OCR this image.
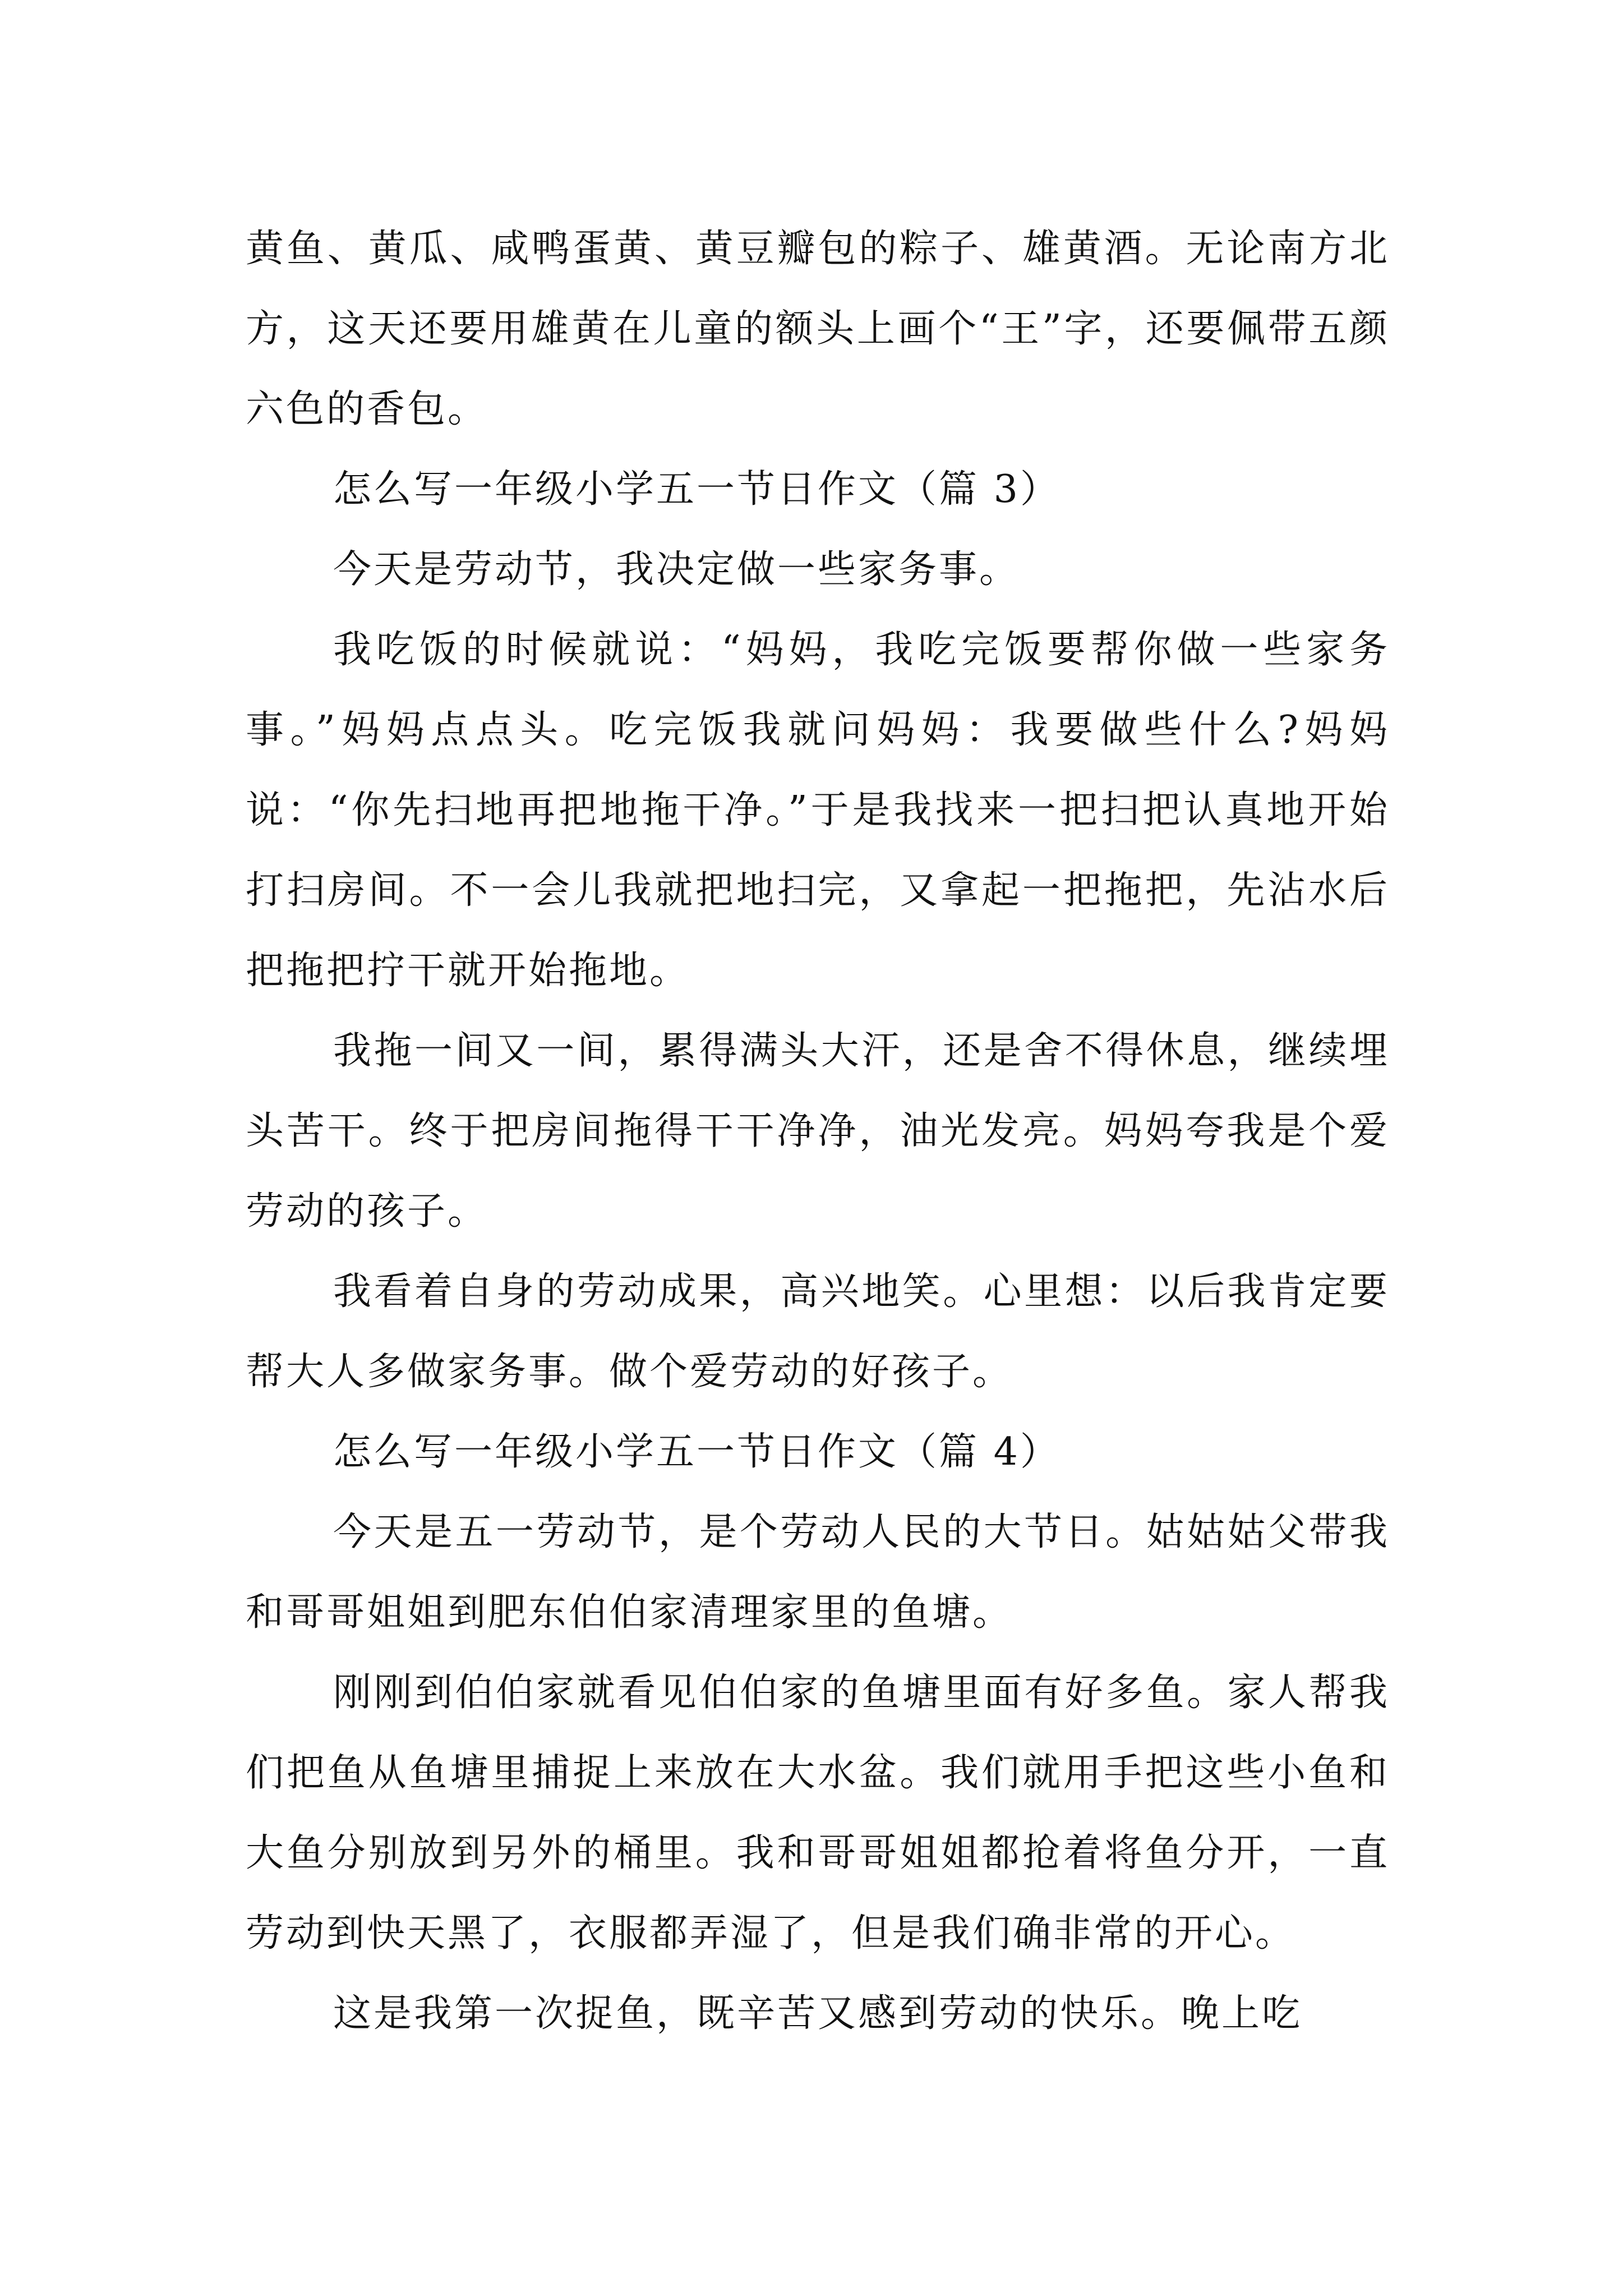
黄鱼、黄瓜、咸鸭蛋黄、黄豆瓣包的粽子、雄黄酒。无论南方北方，这天还要用雄黄在儿童的额头上画个“王”字，还要佩带五颜六色的香包。

怎么写一年级小学五一节日作文（篇 3）

今天是劳动节，我决定做一些家务事。

我吃饭的时候就说：“妈妈，我吃完饭要帮你做一些家务事。”妈妈点点头。吃完饭我就问妈妈：我要做些什么?妈妈说：“你先扫地再把地拖干净。”于是我找来一把扫把认真地开始打扫房间。不一会儿我就把地扫完，又拿起一把拖把，先沾水后把拖把拧干就开始拖地。

我拖一间又一间，累得满头大汗，还是舍不得休息，继续埋头苦干。终于把房间拖得干干净净，油光发亮。妈妈夸我是个爱劳动的孩子。

我看着自身的劳动成果，高兴地笑。心里想：以后我肯定要帮大人多做家务事。做个爱劳动的好孩子。

怎么写一年级小学五一节日作文（篇 4）

今天是五一劳动节，是个劳动人民的大节日。姑姑姑父带我和哥哥姐姐到肥东伯伯家清理家里的鱼塘。

刚刚到伯伯家就看见伯伯家的鱼塘里面有好多鱼。家人帮我们把鱼从鱼塘里捕捉上来放在大水盆。我们就用手把这些小鱼和大鱼分别放到另外的桶里。我和哥哥姐姐都抢着将鱼分开，一直劳动到快天黑了，衣服都弄湿了，但是我们确非常的开心。

这是我第一次捉鱼，既辛苦又感到劳动的快乐。晚上吃
